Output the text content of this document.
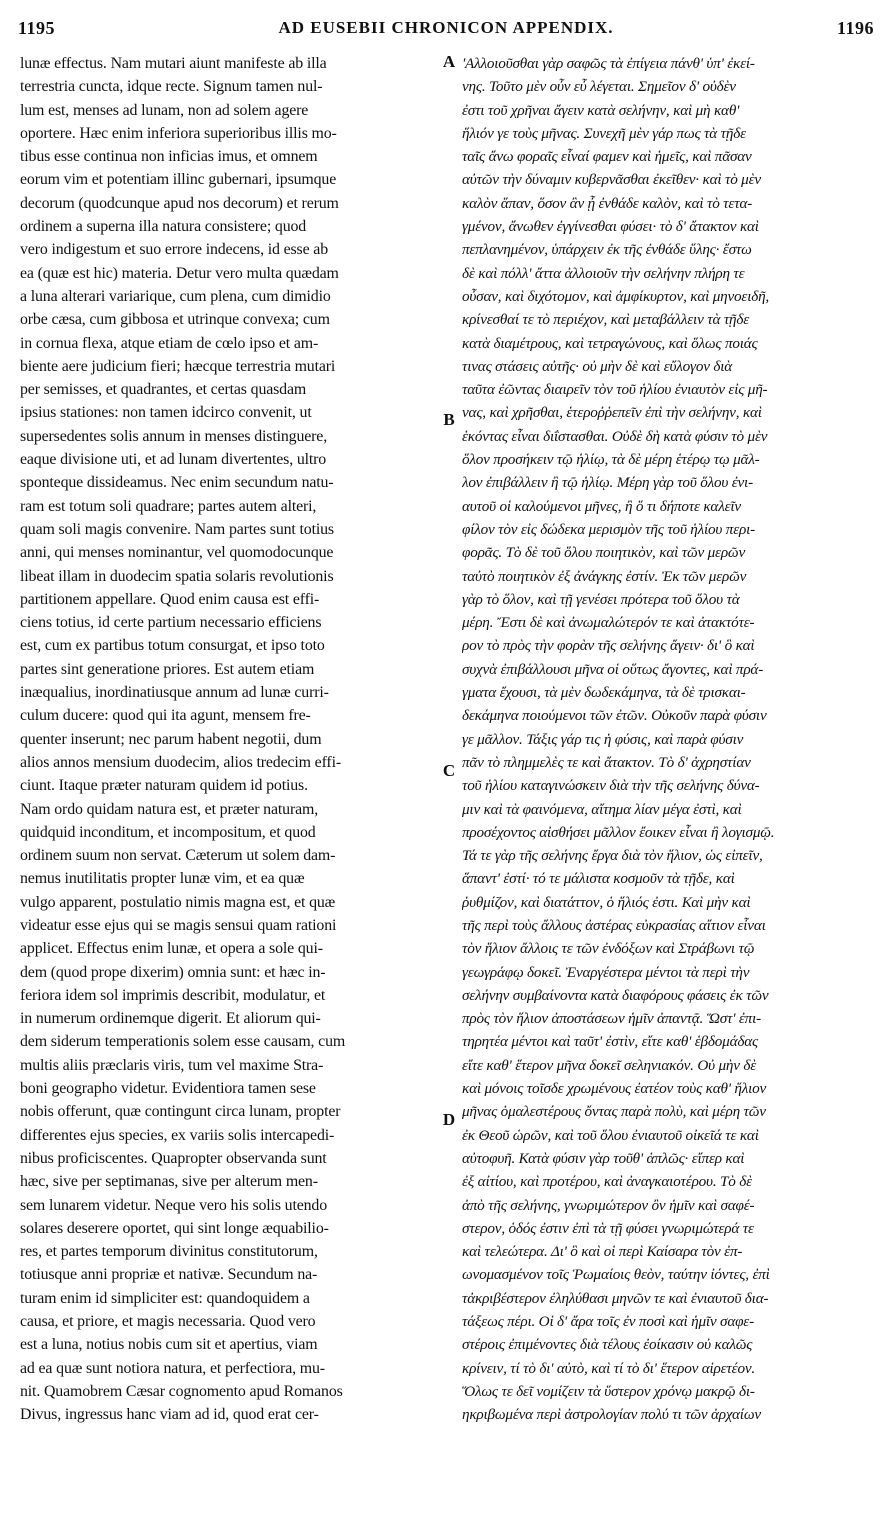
1195	AD EUSEBII CHRONICON APPENDIX.	1196
lunæ effectus. Nam mutari aiunt manifeste ab illa
terrestria cuncta, idque recte. Signum tamen nul-
lum est, menses ad lunam, non ad solem agere
oportere. Hæc enim inferiora superioribus illis mo-
tibus esse continua non inficias imus, et omnem
eorum vim et potentiam illinc gubernari, ipsumque
decorum (quodcunque apud nos decorum) et rerum
ordinem a superna illa natura consistere; quod
vero indigestum et suo errore indecens, id esse ab
ea (quæ est hic) materia. Detur vero multa quædam
a luna alterari variarique, cum plena, cum dimidio
orbe cæsa, cum gibbosa et utrinque convexa; cum
in cornua flexa, atque etiam de cœlo ipso et am-
biente aere judicium fieri; hæcque terrestria mutari
per semisses, et quadrantes, et certas quasdam
ipsius stationes: non tamen idcirco convenit, ut
supersedentes solis annum in menses distinguere,
eaque divisione uti, et ad lunam divertentes, ultro
sponteque dissideamus. Nec enim secundum natu-
ram est totum soli quadrare; partes autem alteri,
quam soli magis convenire. Nam partes sunt totius
anni, qui menses nominantur, vel quomodocunque
libeat illam in duodecim spatia solaris revolutionis
partitionem appellare. Quod enim causa est effi-
ciens totius, id certe partium necessario efficiens
est, cum ex partibus totum consurgat, et ipso toto
partes sint generatione priores. Est autem etiam
inæqualius, inordinatiusque annum ad lunæ curri-
culum ducere: quod qui ita agunt, mensem fre-
quenter inserunt; nec parum habent negotii, dum
alios annos mensium duodecim, alios tredecim effi-
ciunt. Itaque præter naturam quidem id potius.
Nam ordo quidam natura est, et præter naturam,
quidquid inconditum, et incompositum, et quod
ordinem suum non servat. Cæterum ut solem dam-
nemus inutilitatis propter lunæ vim, et ea quæ
vulgo apparent, postulatio nimis magna est, et quæ
videatur esse ejus qui se magis sensui quam rationi
applicet. Effectus enim lunæ, et opera a sole qui-
dem (quod prope dixerim) omnia sunt: et hæc in-
feriora idem sol imprimis describit, modulatur, et
in numerum ordinemque digerit. Et aliorum qui-
dem siderum temperationis solem esse causam, cum
multis aliis præclaris viris, tum vel maxime Stra-
boni geographo videtur. Evidentiora tamen sese
nobis offerunt, quæ contingunt circa lunam, propter
differentes ejus species, ex variis solis intercapedi-
nibus proficiscentes. Quapropter observanda sunt
hæc, sive per septimanas, sive per alterum men-
sem lunarem videtur. Neque vero his solis utendo
solares deserere oportet, qui sint longe æquabilio-
res, et partes temporum divinitus constitutorum,
totiusque anni propriæ et nativæ. Secundum na-
turam enim id simpliciter est: quandoquidem a
causa, et priore, et magis necessaria. Quod vero
est a luna, notius nobis cum sit et apertius, viam
ad ea quæ sunt notiora natura, et perfectiora, mu-
nit. Quamobrem Cæsar cognomento apud Romanos
Divus, ingressus hanc viam ad id, quod erat cer-
A
B
C
D
'Αλλοιοῦσθαι γὰρ σαφῶς τὰ ἐπίγεια πάνθ' ὑπ' ἐκεί-
νης. Τοῦτο μὲν οὖν εὖ λέγεται. Σημεῖον δ' οὐδὲν
ἐστι τοῦ χρῆναι ἄγειν κατὰ σελήνην, καὶ μὴ καθ'
ἥλιόν γε τοὺς μῆνας. Συνεχῆ μὲν γάρ πως τὰ τῇδε
ταῖς ἄνω φοραῖς εἶναί φαμεν καὶ ἡμεῖς, καὶ πᾶσαν
αὐτῶν τὴν δύναμιν κυβερνᾶσθαι ἐκεῖθεν· καὶ τὸ μὲν
καλὸν ἅπαν, ὅσον ἂν ᾖ ἐνθάδε καλὸν, καὶ τὸ τετα-
γμένον, ἄνωθεν ἐγγίνεσθαι φύσει· τὸ δ' ἄτακτον καὶ
πεπλανημένον, ὑπάρχειν ἐκ τῆς ἐνθάδε ὕλης· ἔστω
δὲ καὶ πόλλ' ἄττα ἀλλοιοῦν τὴν σελήνην πλήρη τε
οὖσαν, καὶ διχότομον, καὶ ἀμφίκυρτον, καὶ μηνοειδῆ,
κρίνεσθαί τε τὸ περιέχον, καὶ μεταβάλλειν τὰ τῇδε
κατὰ διαμέτρους, καὶ τετραγώνους, καὶ ὅλως ποιάς
τινας στάσεις αὐτῆς· οὐ μὴν δὲ καὶ εὔλογον διὰ
ταῦτα ἐῶντας διαιρεῖν τὸν τοῦ ἡλίου ἐνιαυτὸν εἰς μῆ-
νας, καὶ χρῆσθαι, ἑτεροῤῥεπεῖν ἐπὶ τὴν σελήνην, καὶ
ἑκόντας εἶναι διΐστασθαι. Οὐδὲ δὴ κατὰ φύσιν τὸ μὲν
ὅλον προσήκειν τῷ ἡλίῳ, τὰ δὲ μέρη ἑτέρῳ τῳ μᾶλ-
λον ἐπιβάλλειν ἢ τῷ ἡλίῳ. Μέρη γὰρ τοῦ ὅλου ἐνι-
αυτοῦ οἱ καλούμενοι μῆνες, ἢ ὅ τι δήποτε καλεῖν
φίλον τὸν εἰς δώδεκα μερισμὸν τῆς τοῦ ἡλίου περι-
φορᾶς. Τὸ δὲ τοῦ ὅλου ποιητικὸν, καὶ τῶν μερῶν
ταὐτὸ ποιητικὸν ἐξ ἀνάγκης ἐστίν. Ἐκ τῶν μερῶν
γὰρ τὸ ὅλον, καὶ τῇ γενέσει πρότερα τοῦ ὅλου τὰ
μέρη. Ἔστι δὲ καὶ ἀνωμαλώτερόν τε καὶ ἀτακτότε-
ρον τὸ πρὸς τὴν φορὰν τῆς σελήνης ἄγειν· δι' ὃ καὶ
συχνὰ ἐπιβάλλουσι μῆνα οἱ οὕτως ἄγοντες, καὶ πρά-
γματα ἔχουσι, τὰ μὲν δωδεκάμηνα, τὰ δὲ τρισκαι-
δεκάμηνα ποιούμενοι τῶν ἐτῶν. Οὐκοῦν παρὰ φύσιν
γε μᾶλλον. Τάξις γάρ τις ἡ φύσις, καὶ παρὰ φύσιν
πᾶν τὸ πλημμελὲς τε καὶ ἄτακτον. Τὸ δ' ἀχρηστίαν
τοῦ ἡλίου καταγινώσκειν διὰ τὴν τῆς σελήνης δύνα-
μιν καὶ τὰ φαινόμενα, αἴτημα λίαν μέγα ἐστὶ, καὶ
προσέχοντος αἰσθήσει μᾶλλον ἔοικεν εἶναι ἢ λογισμῷ.
Τά τε γὰρ τῆς σελήνης ἔργα διὰ τὸν ἥλιον, ὡς εἰπεῖν,
ἅπαντ' ἐστί· τό τε μάλιστα κοσμοῦν τὰ τῇδε, καὶ
ῥυθμίζον, καὶ διατάττον, ὁ ἥλιός ἐστι. Καὶ μὴν καὶ
τῆς περὶ τοὺς ἄλλους ἀστέρας εὐκρασίας αἴτιον εἶναι
τὸν ἥλιον ἄλλοις τε τῶν ἐνδόξων καὶ Στράβωνι τῷ
γεωγράφῳ δοκεῖ. Ἐναργέστερα μέντοι τὰ περὶ τὴν
σελήνην συμβαίνοντα κατὰ διαφόρους φάσεις ἐκ τῶν
πρὸς τὸν ἥλιον ἀποστάσεων ἡμῖν ἀπαντᾷ. Ὥστ' ἐπι-
τηρητέα μέντοι καὶ ταῦτ' ἐστὶν, εἴτε καθ' ἑβδομάδας
εἴτε καθ' ἕτερον μῆνα δοκεῖ σεληνιακόν. Οὐ μὴν δὲ
καὶ μόνοις τοῖσδε χρωμένους ἐατέον τοὺς καθ' ἥλιον
μῆνας ὁμαλεστέρους ὄντας παρὰ πολὺ, καὶ μέρη τῶν
ἐκ Θεοῦ ὡρῶν, καὶ τοῦ ὅλου ἐνιαυτοῦ οἰκεῖά τε καὶ
αὐτοφυῆ. Κατὰ φύσιν γὰρ τοῦθ' ἁπλῶς· εἴπερ καὶ
ἐξ αἰτίου, καὶ προτέρου, καὶ ἀναγκαιοτέρου. Τὸ δὲ
ἀπὸ τῆς σελήνης, γνωριμώτερον ὂν ἡμῖν καὶ σαφέ-
στερον, ὁδός ἐστιν ἐπὶ τὰ τῇ φύσει γνωριμώτερά τε
καὶ τελεώτερα. Δι' ὃ καὶ οἱ περὶ Καίσαρα τὸν ἐπ-
ωνομασμένον τοῖς Ῥωμαίοις θεὸν, ταύτην ἰόντες, ἐπὶ
τἀκριβέστερον ἐληλύθασι μηνῶν τε καὶ ἐνιαυτοῦ δια-
τάξεως πέρι. Οἱ δ' ἄρα τοῖς ἐν ποσὶ καὶ ἡμῖν σαφε-
στέροις ἐπιμένοντες διὰ τέλους ἐοίκασιν οὐ καλῶς
κρίνειν, τί τὸ δι' αὐτὸ, καὶ τί τὸ δι' ἕτερον αἱρετέον.
Ὅλως τε δεῖ νομίζειν τὰ ὕστερον χρόνῳ μακρῷ δι-
ηκριβωμένα περὶ ἀστρολογίαν πολύ τι τῶν ἀρχαίων
